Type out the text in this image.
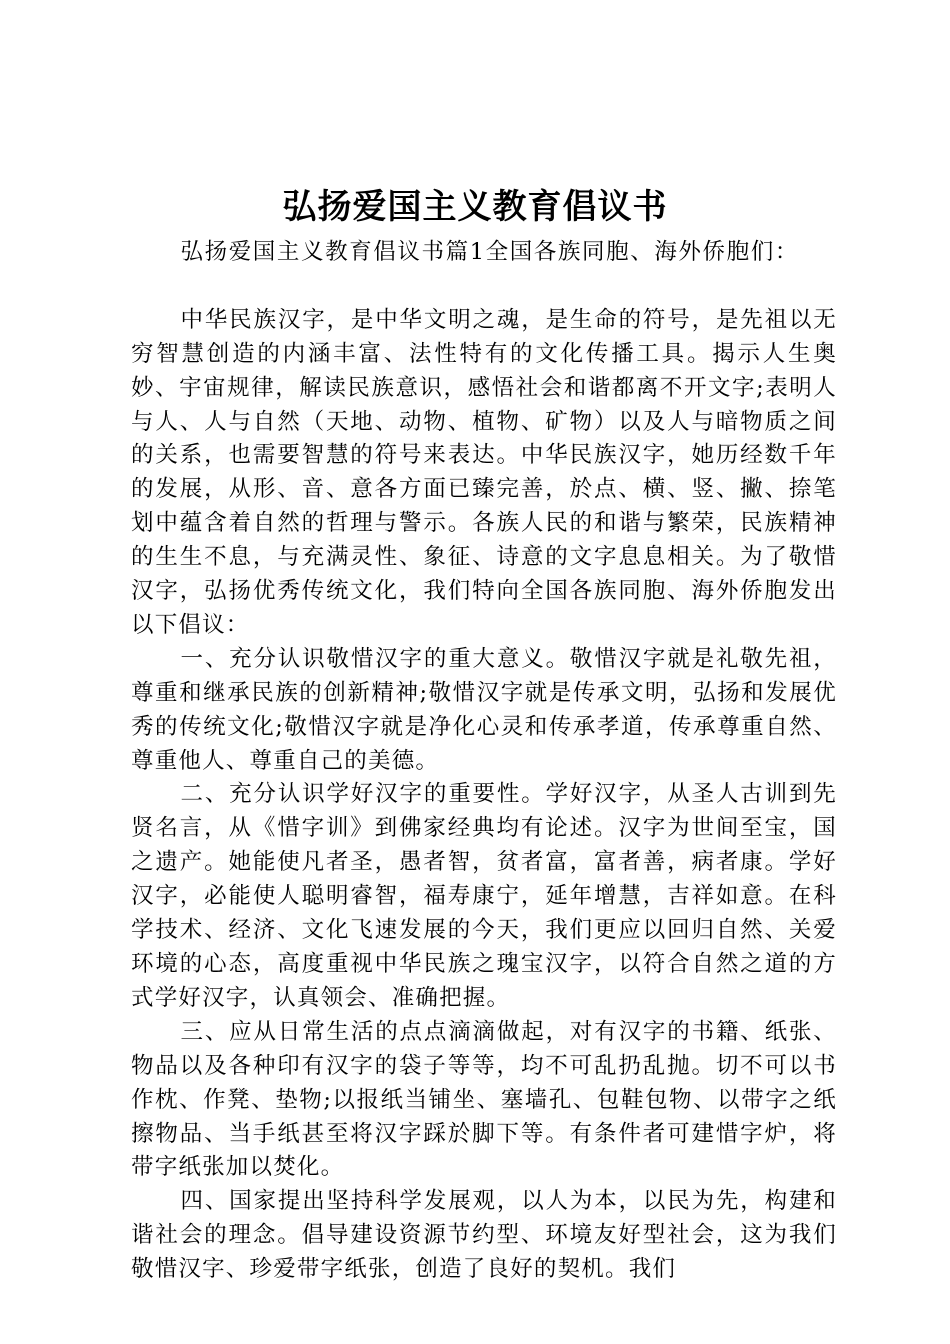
弘扬爱国主义教育倡议书

弘扬爱国主义教育倡议书篇1全国各族同胞、海外侨胞们：

中华民族汉字，是中华文明之魂，是生命的符号，是先祖以无穷智慧创造的内涵丰富、法性特有的文化传播工具。揭示人生奥妙、宇宙规律，解读民族意识，感悟社会和谐都离不开文字;表明人与人、人与自然（天地、动物、植物、矿物）以及人与暗物质之间的关系，也需要智慧的符号来表达。中华民族汉字，她历经数千年的发展，从形、音、意各方面已臻完善，於点、横、竖、撇、捺笔划中蕴含着自然的哲理与警示。各族人民的和谐与繁荣，民族精神的生生不息，与充满灵性、象征、诗意的文字息息相关。为了敬惜汉字，弘扬优秀传统文化，我们特向全国各族同胞、海外侨胞发出以下倡议：

一、充分认识敬惜汉字的重大意义。敬惜汉字就是礼敬先祖，尊重和继承民族的创新精神;敬惜汉字就是传承文明，弘扬和发展优秀的传统文化;敬惜汉字就是净化心灵和传承孝道，传承尊重自然、尊重他人、尊重自己的美德。

二、充分认识学好汉字的重要性。学好汉字，从圣人古训到先贤名言，从《惜字训》到佛家经典均有论述。汉字为世间至宝，国之遗产。她能使凡者圣，愚者智，贫者富，富者善，病者康。学好汉字，必能使人聪明睿智，福寿康宁，延年增慧，吉祥如意。在科学技术、经济、文化飞速发展的今天，我们更应以回归自然、关爱环境的心态，高度重视中华民族之瑰宝汉字，以符合自然之道的方式学好汉字，认真领会、准确把握。

三、应从日常生活的点点滴滴做起，对有汉字的书籍、纸张、物品以及各种印有汉字的袋子等等，均不可乱扔乱抛。切不可以书作枕、作凳、垫物;以报纸当铺坐、塞墙孔、包鞋包物、以带字之纸擦物品、当手纸甚至将汉字踩於脚下等。有条件者可建惜字炉，将带字纸张加以焚化。

四、国家提出坚持科学发展观，以人为本，以民为先，构建和谐社会的理念。倡导建设资源节约型、环境友好型社会，这为我们敬惜汉字、珍爱带字纸张，创造了良好的契机。我们
